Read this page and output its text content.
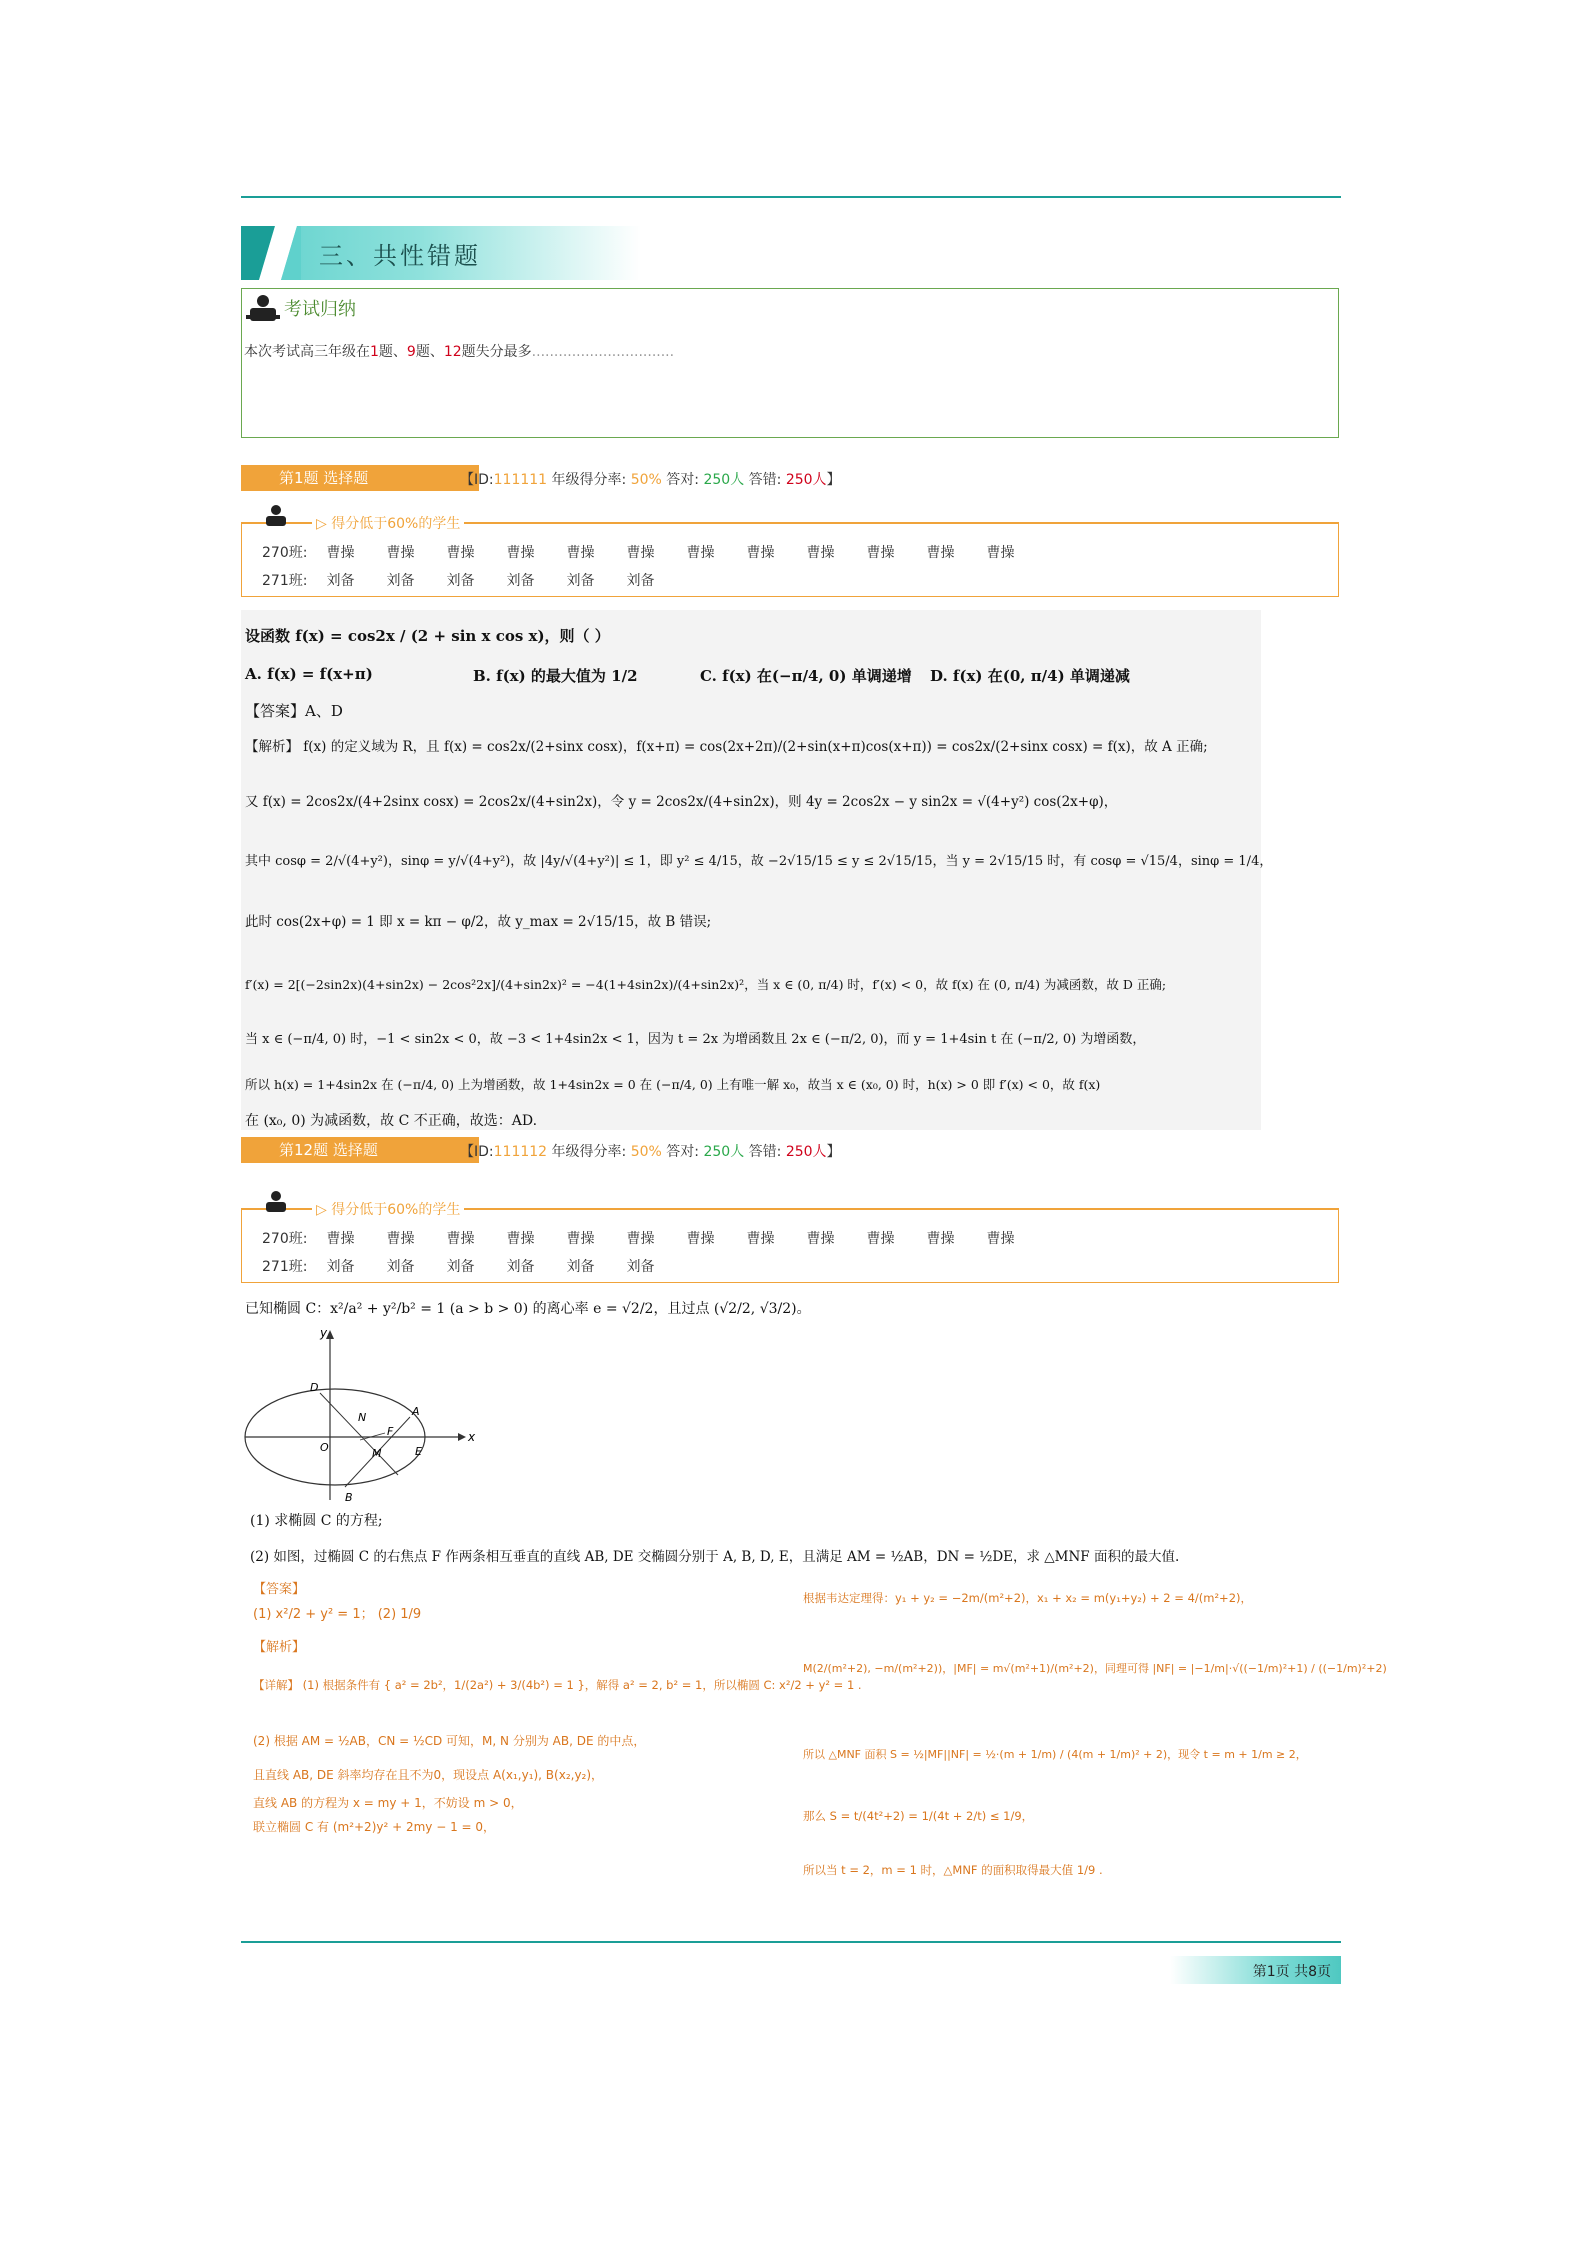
三、共性错题
考试归纳
本次考试高三年级在1题、9题、12题失分最多................................
第1题 选择题	【ID:111111 年级得分率: 50% 答对: 250人 答错: 250人】
▷ 得分低于60%的学生
270班: 曹操 曹操 曹操 曹操 曹操 曹操 曹操 曹操 曹操 曹操 曹操 曹操
271班: 刘备 刘备 刘备 刘备 刘备 刘备
设函数 f(x) = cos2x / (2 + sin x cos x)，则（ ）
A. f(x) = f(x+π)	B. f(x) 的最大值为 1/2	C. f(x) 在(−π/4, 0) 单调递增 D. f(x) 在(0, π/4) 单调递减
【答案】A、D
【解析】 f(x) 的定义域为 R，且 f(x) = cos2x/(2+sinx cosx)，f(x+π) = cos(2x+2π)/(2+sin(x+π)cos(x+π)) = cos2x/(2+sinx cosx) = f(x)，故 A 正确;
又 f(x) = 2cos2x/(4+2sinx cosx) = 2cos2x/(4+sin2x)，令 y = 2cos2x/(4+sin2x)，则 4y = 2cos2x − y sin2x = √(4+y²) cos(2x+φ)，
其中 cosφ = 2/√(4+y²)，sinφ = y/√(4+y²)，故 |4y/√(4+y²)| ≤ 1，即 y² ≤ 4/15，故 −2√15/15 ≤ y ≤ 2√15/15，当 y = 2√15/15 时，有 cosφ = √15/4，sinφ = 1/4，
此时 cos(2x+φ) = 1 即 x = kπ − φ/2，故 y_max = 2√15/15，故 B 错误;
f′(x) = 2[(−2sin2x)(4+sin2x) − 2cos²2x]/(4+sin2x)² = −4(1+4sin2x)/(4+sin2x)²，当 x ∈ (0, π/4) 时，f′(x) < 0，故 f(x) 在 (0, π/4) 为减函数，故 D 正确;
当 x ∈ (−π/4, 0) 时，−1 < sin2x < 0，故 −3 < 1+4sin2x < 1，因为 t = 2x 为增函数且 2x ∈ (−π/2, 0)，而 y = 1+4sin t 在 (−π/2, 0) 为增函数，
所以 h(x) = 1+4sin2x 在 (−π/4, 0) 上为增函数，故 1+4sin2x = 0 在 (−π/4, 0) 上有唯一解 x₀，故当 x ∈ (x₀, 0) 时，h(x) > 0 即 f′(x) < 0，故 f(x)
在 (x₀, 0) 为减函数，故 C 不正确，故选：AD.
第12题 选择题	【ID:111112 年级得分率: 50% 答对: 250人 答错: 250人】
▷ 得分低于60%的学生
270班: 曹操 曹操 曹操 曹操 曹操 曹操 曹操 曹操 曹操 曹操 曹操 曹操
271班: 刘备 刘备 刘备 刘备 刘备 刘备
已知椭圆 C：x²/a² + y²/b² = 1 (a > b > 0) 的离心率 e = √2/2，且过点 (√2/2, √3/2)。
y
x
O
D
N	A
F
M	E
B
(1) 求椭圆 C 的方程;
(2) 如图，过椭圆 C 的右焦点 F 作两条相互垂直的直线 AB, DE 交椭圆分别于 A, B, D, E，且满足 AM = ½AB，DN = ½DE，求 △MNF 面积的最大值.
【答案】
(1) x²/2 + y² = 1； (2) 1/9
【解析】
【详解】 (1) 根据条件有 { a² = 2b²，1/(2a²) + 3/(4b²) = 1 }，解得 a² = 2, b² = 1，所以椭圆 C: x²/2 + y² = 1 .
(2) 根据 AM = ½AB，CN = ½CD 可知，M, N 分别为 AB, DE 的中点，
且直线 AB, DE 斜率均存在且不为0，现设点 A(x₁,y₁), B(x₂,y₂)，
直线 AB 的方程为 x = my + 1，不妨设 m > 0，
联立椭圆 C 有 (m²+2)y² + 2my − 1 = 0，
根据韦达定理得：y₁ + y₂ = −2m/(m²+2)，x₁ + x₂ = m(y₁+y₂) + 2 = 4/(m²+2)，
M(2/(m²+2), −m/(m²+2))，|MF| = m√(m²+1)/(m²+2)，同理可得 |NF| = |−1/m|·√((−1/m)²+1) / ((−1/m)²+2)
所以 △MNF 面积 S = ½|MF||NF| = ½·(m + 1/m) / (4(m + 1/m)² + 2)，现令 t = m + 1/m ≥ 2，
那么 S = t/(4t²+2) = 1/(4t + 2/t) ≤ 1/9，
所以当 t = 2，m = 1 时，△MNF 的面积取得最大值 1/9 .
第1页 共8页
